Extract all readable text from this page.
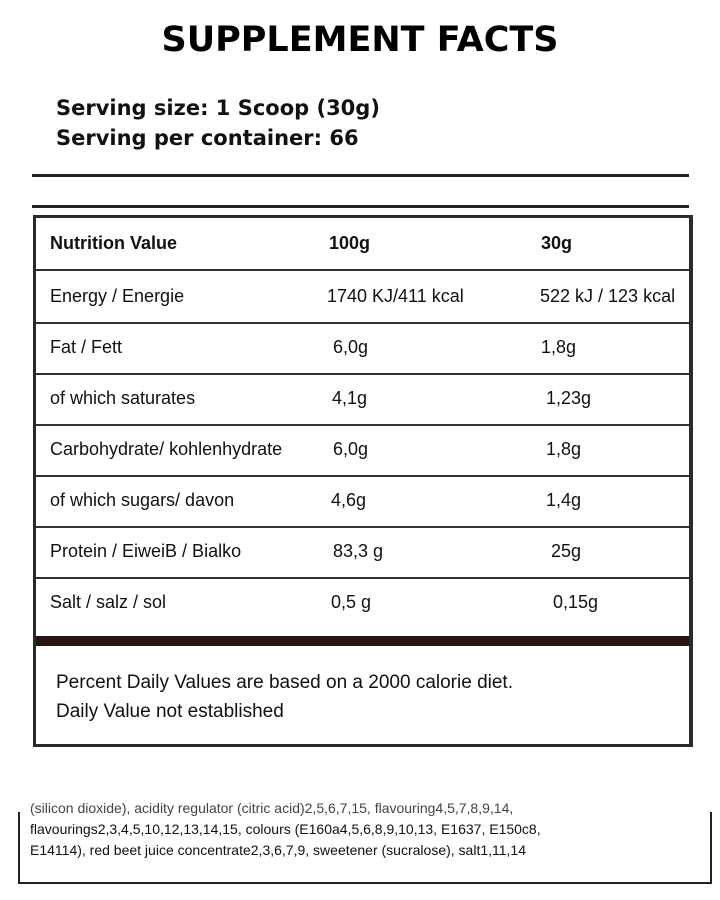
SUPPLEMENT FACTS
Serving size: 1 Scoop (30g)
Serving per container: 66
Nutrition Value	100g	30g
Energy / Energie	1740 KJ/411 kcal	522 kJ / 123 kcal
Fat / Fett	6,0g	1,8g
of which saturates	4,1g	1,23g
Carbohydrate/ kohlenhydrate	6,0g	1,8g
of which sugars/ davon	4,6g	1,4g
Protein / EiweiB / Bialko	83,3 g	25g
Salt / salz / sol	0,5 g	0,15g
Percent Daily Values are based on a 2000 calorie diet.
Daily Value not established
(silicon dioxide), acidity regulator (citric acid)2,5,6,7,15, flavouring4,5,7,8,9,14,
flavourings2,3,4,5,10,12,13,14,15, colours (E160a4,5,6,8,9,10,13, E1637, E150c8,
E14114), red beet juice concentrate2,3,6,7,9, sweetener (sucralose), salt1,11,14
